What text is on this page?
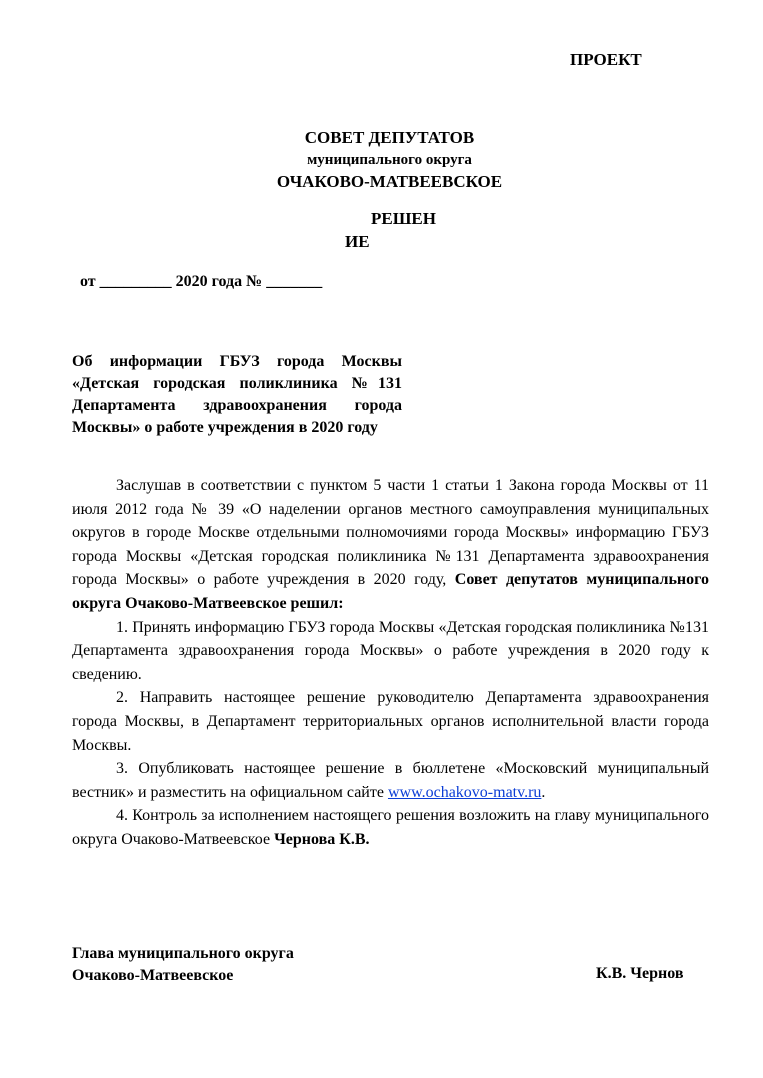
ПРОЕКТ
СОВЕТ ДЕПУТАТОВ
муниципального округа
ОЧАКОВО-МАТВЕЕВСКОЕ
РЕШЕН
ИЕ
от _________ 2020 года № _______
Об информации ГБУЗ города Москвы «Детская городская поликлиника №131 Департамента здравоохранения города Москвы» о работе учреждения в 2020 году

Заслушав в соответствии с пунктом 5 части 1 статьи 1 Закона города Москвы от 11 июля 2012 года № 39 «О наделении органов местного самоуправления муниципальных округов в городе Москве отдельными полномочиями города Москвы» информацию ГБУЗ города Москвы «Детская городская поликлиника №131 Департамента здравоохранения города Москвы» о работе учреждения в 2020 году, Совет депутатов муниципального округа Очаково-Матвеевское решил:

1. Принять информацию ГБУЗ города Москвы «Детская городская поликлиника №131 Департамента здравоохранения города Москвы» о работе учреждения в 2020 году к сведению.

2. Направить настоящее решение руководителю Департамента здравоохранения города Москвы, в Департамент территориальных органов исполнительной власти города Москвы.

3. Опубликовать настоящее решение в бюллетене «Московский муниципальный вестник» и разместить на официальном сайте www.ochakovo-matv.ru.

4. Контроль за исполнением настоящего решения возложить на главу муниципального округа Очаково-Матвеевское Чернова К.В.

Глава муниципального округа
Очаково-Матвеевское	К.В. Чернов
